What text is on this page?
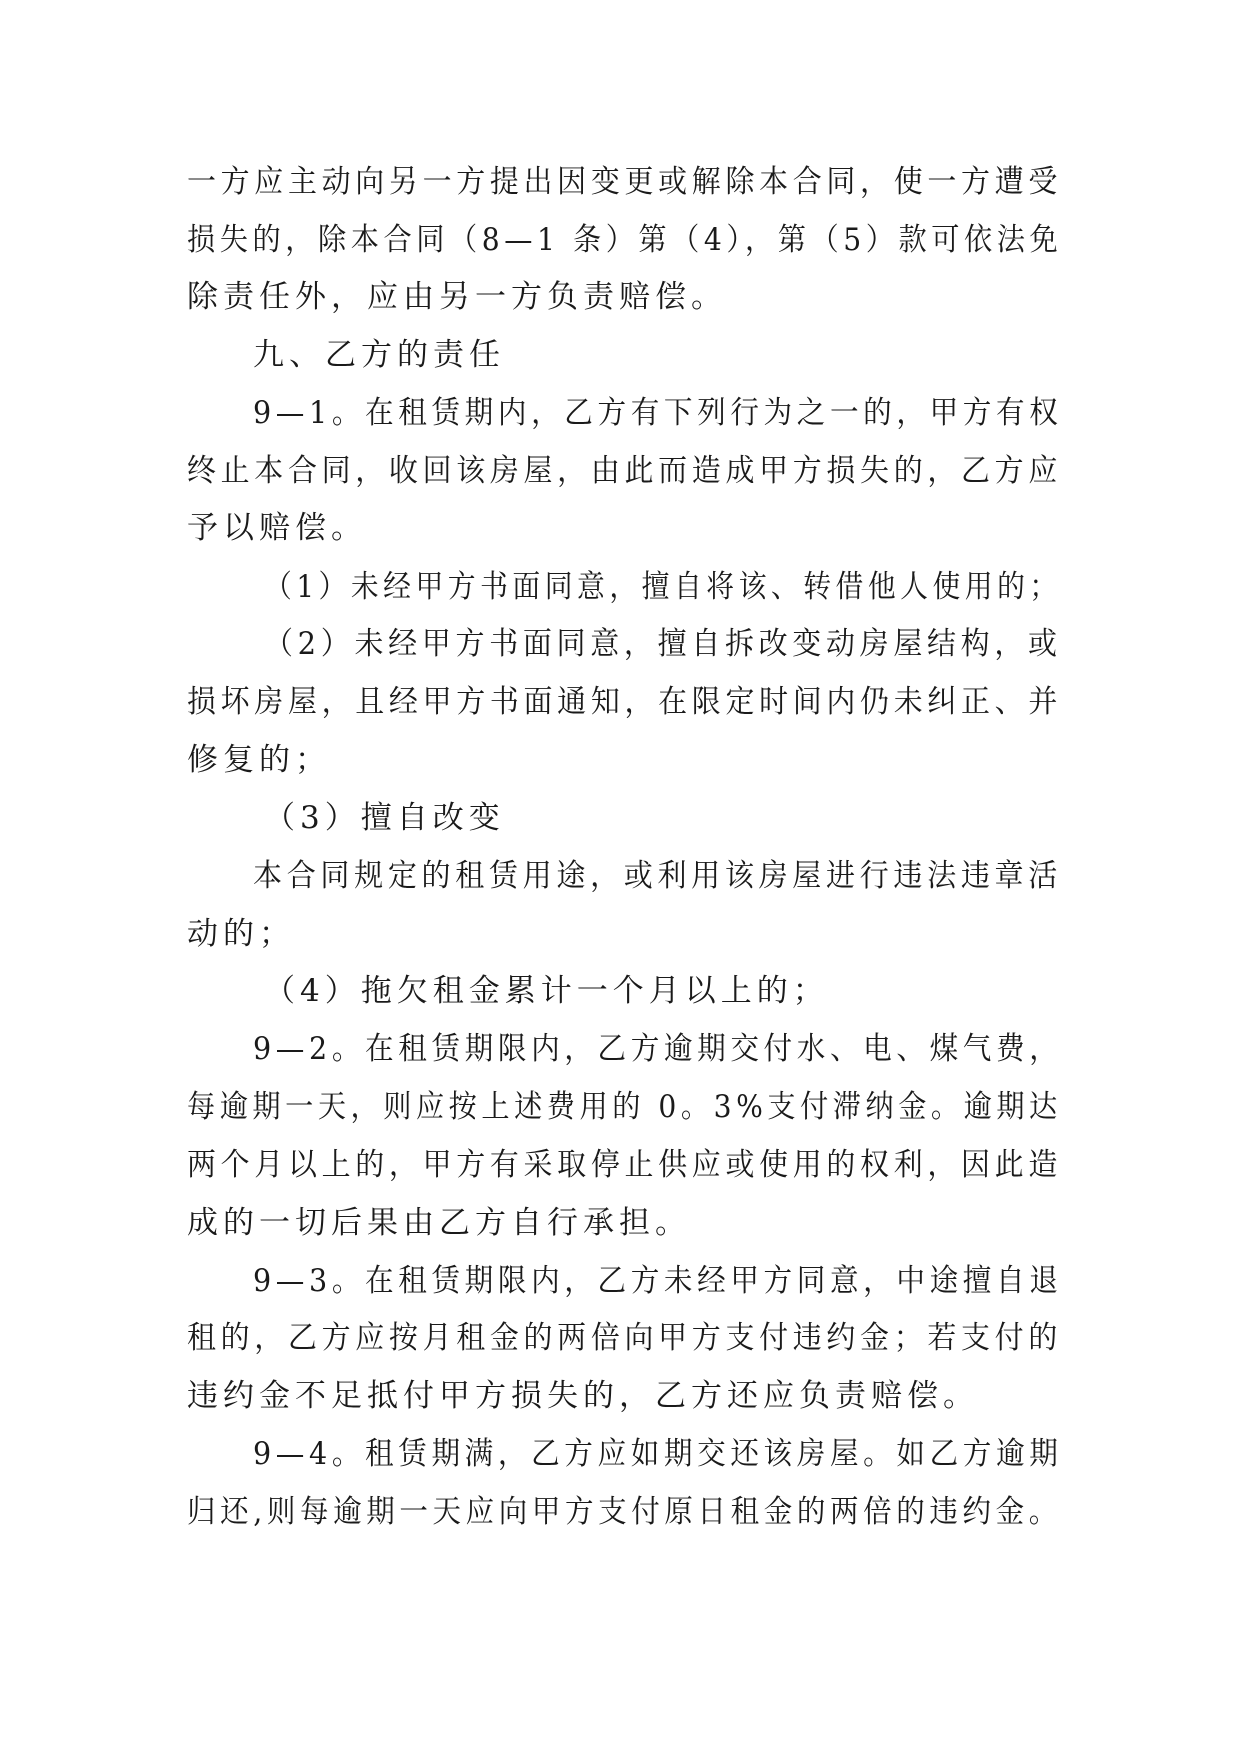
一方应主动向另一方提出因变更或解除本合同，使一方遭受

损失的，除本合同（8—1 条）第（4），第（5）款可依法免

除责任外，应由另一方负责赔偿。

九、乙方的责任

9—1。在租赁期内，乙方有下列行为之一的，甲方有权

终止本合同，收回该房屋，由此而造成甲方损失的，乙方应

予以赔偿。

（1）未经甲方书面同意，擅自将该、转借他人使用的；

（2）未经甲方书面同意，擅自拆改变动房屋结构，或

损坏房屋，且经甲方书面通知，在限定时间内仍未纠正、并

修复的；

（3）擅自改变

本合同规定的租赁用途，或利用该房屋进行违法违章活

动的；

（4）拖欠租金累计一个月以上的；

9—2。在租赁期限内，乙方逾期交付水、电、煤气费，

每逾期一天，则应按上述费用的 0。3%支付滞纳金。逾期达

两个月以上的，甲方有采取停止供应或使用的权利，因此造

成的一切后果由乙方自行承担。

9—3。在租赁期限内，乙方未经甲方同意，中途擅自退

租的，乙方应按月租金的两倍向甲方支付违约金；若支付的

违约金不足抵付甲方损失的，乙方还应负责赔偿。

9—4。租赁期满，乙方应如期交还该房屋。如乙方逾期

归还,则每逾期一天应向甲方支付原日租金的两倍的违约金。
